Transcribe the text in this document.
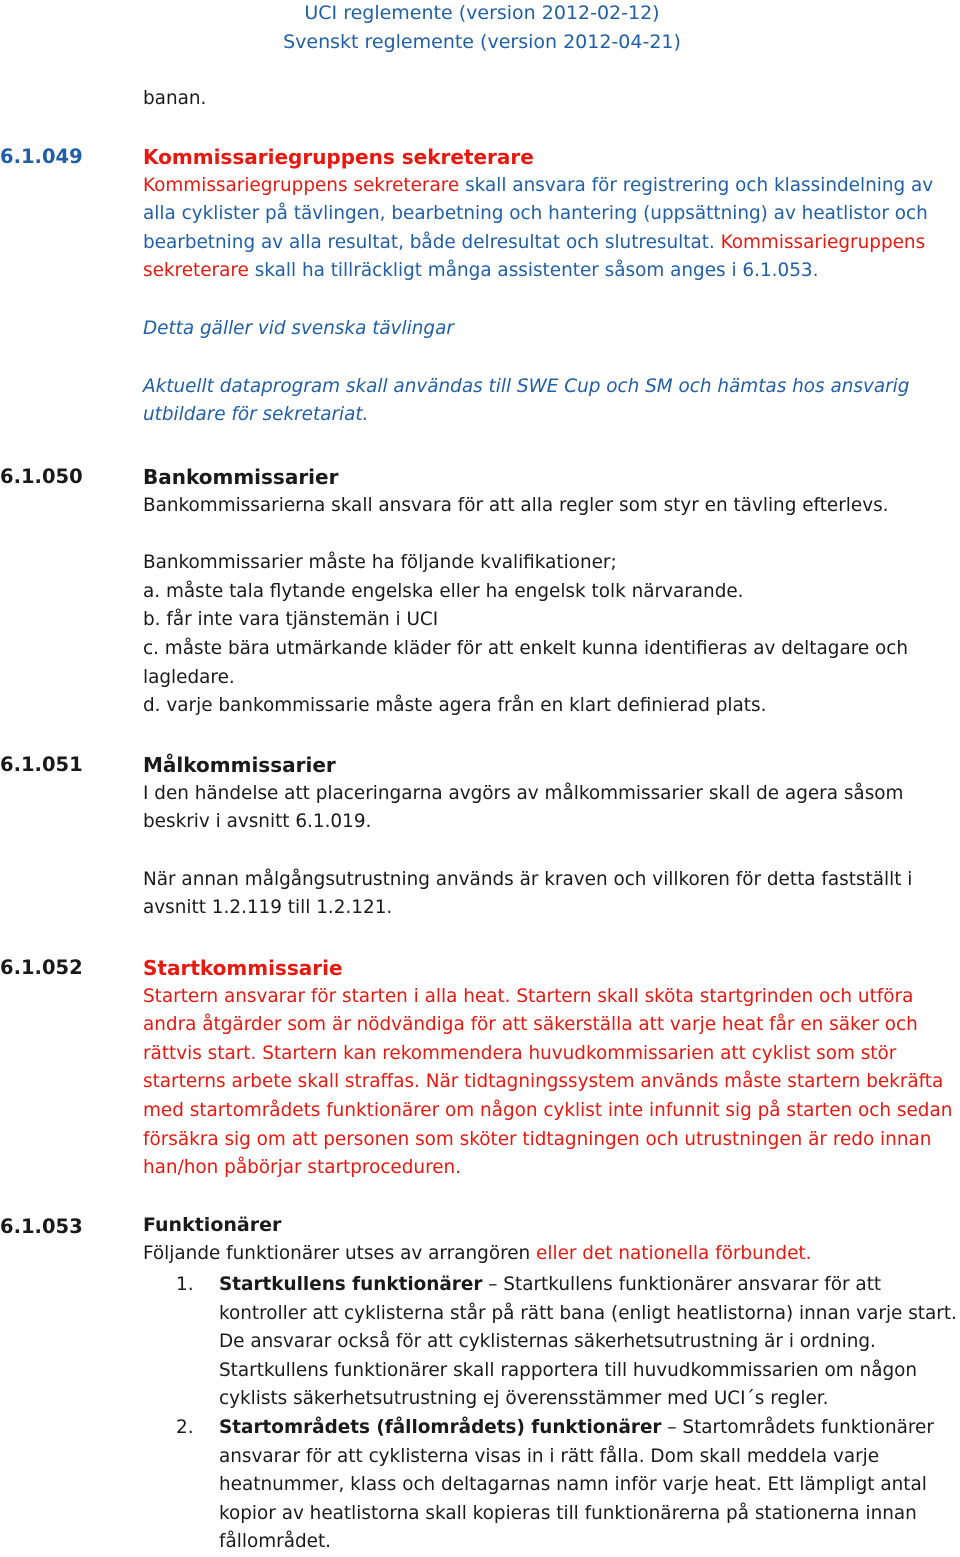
UCI reglemente (version 2012-02-12)
Svenskt reglemente (version 2012-04-21)
banan.
6.1.049	Kommissariegruppens sekreterare

Kommissariegruppens sekreterare skall ansvara för registrering och klassindelning av alla cyklister på tävlingen, bearbetning och hantering (uppsättning) av heatlistor och bearbetning av alla resultat, både delresultat och slutresultat. Kommissariegruppens sekreterare skall ha tillräckligt många assistenter såsom anges i 6.1.053.

Detta gäller vid svenska tävlingar

Aktuellt dataprogram skall användas till SWE Cup och SM och hämtas hos ansvarig utbildare för sekretariat.

6.1.050	Bankommissarier

Bankommissarierna skall ansvara för att alla regler som styr en tävling efterlevs.

Bankommissarier måste ha följande kvalifikationer;

a. måste tala flytande engelska eller ha engelsk tolk närvarande.

b. får inte vara tjänstemän i UCI

c. måste bära utmärkande kläder för att enkelt kunna identifieras av deltagare och lagledare.

d. varje bankommissarie måste agera från en klart definierad plats.

6.1.051	Målkommissarier

I den händelse att placeringarna avgörs av målkommissarier skall de agera såsom beskriv i avsnitt 6.1.019.

När annan målgångsutrustning används är kraven och villkoren för detta fastställt i avsnitt 1.2.119 till 1.2.121.

6.1.052	Startkommissarie

Startern ansvarar för starten i alla heat. Startern skall sköta startgrinden och utföra andra åtgärder som är nödvändiga för att säkerställa att varje heat får en säker och rättvis start. Startern kan rekommendera huvudkommissarien att cyklist som stör starterns arbete skall straffas. När tidtagningssystem används måste startern bekräfta med startområdets funktionärer om någon cyklist inte infunnit sig på starten och sedan försäkra sig om att personen som sköter tidtagningen och utrustningen är redo innan han/hon påbörjar startproceduren.

6.1.053	Funktionärer

Följande funktionärer utses av arrangören eller det nationella förbundet.

1. Startkullens funktionärer – Startkullens funktionärer ansvarar för att kontroller att cyklisterna står på rätt bana (enligt heatlistorna) innan varje start. De ansvarar också för att cyklisternas säkerhetsutrustning är i ordning. Startkullens funktionärer skall rapportera till huvudkommissarien om någon cyklists säkerhetsutrustning ej överensstämmer med UCI´s regler.
2. Startområdets (fållområdets) funktionärer – Startområdets funktionärer ansvarar för att cyklisterna visas in i rätt fålla. Dom skall meddela varje heatnummer, klass och deltagarnas namn inför varje heat. Ett lämpligt antal kopior av heatlistorna skall kopieras till funktionärerna på stationerna innan fållområdet.
